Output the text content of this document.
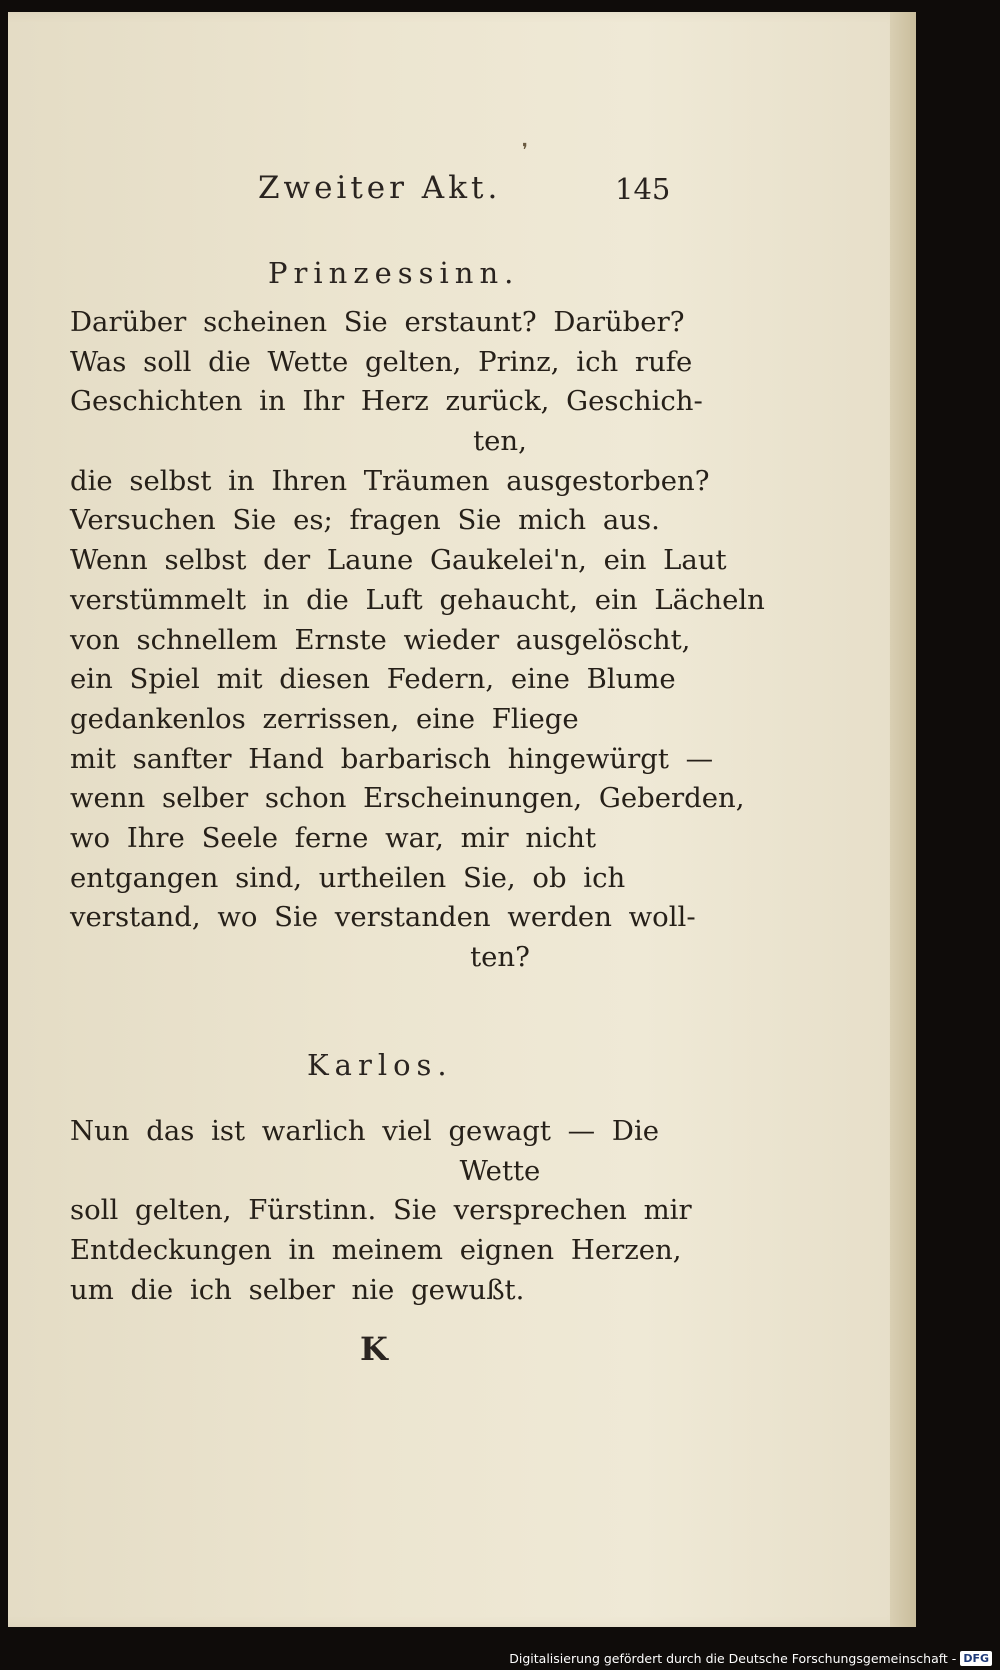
❜
Zweiter Akt.	145
Prinzessinn.
Darüber scheinen Sie erstaunt? Darüber?
Was soll die Wette gelten, Prinz, ich rufe
Geschichten in Ihr Herz zurück, Geschich-
ten,
die selbst in Ihren Träumen ausgestorben?
Versuchen Sie es; fragen Sie mich aus.
Wenn selbst der Laune Gaukelei'n, ein Laut
verstümmelt in die Luft gehaucht, ein Lächeln
von schnellem Ernste wieder ausgelöscht,
ein Spiel mit diesen Federn, eine Blume
gedankenlos zerrissen, eine Fliege
mit sanfter Hand barbarisch hingewürgt —
wenn selber schon Erscheinungen, Geberden,
wo Ihre Seele ferne war, mir nicht
entgangen sind, urtheilen Sie, ob ich
verstand, wo Sie verstanden werden woll-
ten?
Karlos.
Nun das ist warlich viel gewagt — Die
Wette
soll gelten, Fürstinn. Sie versprechen mir
Entdeckungen in meinem eignen Herzen,
um die ich selber nie gewußt.
K
Digitalisierung gefördert durch die Deutsche Forschungsgemeinschaft - DFG
